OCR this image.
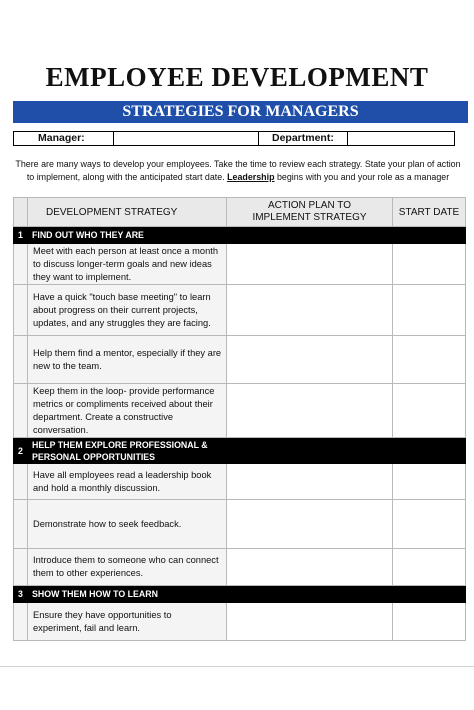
EMPLOYEE DEVELOPMENT
STRATEGIES FOR MANAGERS
Manager:	Department:
There are many ways to develop your employees. Take the time to review each strategy. State your plan of action to implement, along with the anticipated start date. Leadership begins with you and your role as a manager
	DEVELOPMENT STRATEGY	ACTION PLAN TO IMPLEMENT STRATEGY	START DATE
1	FIND OUT WHO THEY ARE		
	Meet with each person at least once a month to discuss longer-term goals and new ideas they want to implement.		
	Have a quick "touch base meeting" to learn about progress on their current projects, updates, and any struggles they are facing.		
	Help them find a mentor, especially if they are new to the team.		
	Keep them in the loop- provide performance metrics or compliments received about their department. Create a constructive conversation.		
2	HELP THEM EXPLORE PROFESSIONAL & PERSONAL OPPORTUNITIES		
	Have all employees read a leadership book and hold a monthly discussion.		
	Demonstrate how to seek feedback.		
	Introduce them to someone who can connect them to other experiences.		
3	SHOW THEM HOW TO LEARN		
	Ensure they have opportunities to experiment, fail and learn.		
